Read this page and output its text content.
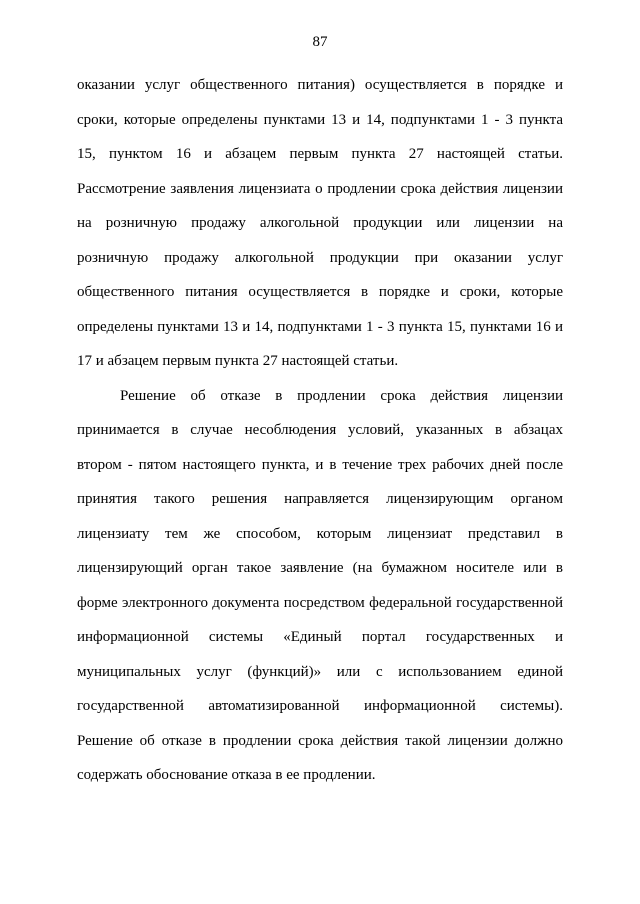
87
оказании услуг общественного питания) осуществляется в порядке и
сроки, которые определены пунктами 13 и 14, подпунктами 1 - 3 пункта
15, пунктом 16 и абзацем первым пункта 27 настоящей статьи.
Рассмотрение заявления лицензиата о продлении срока действия лицензии
на розничную продажу алкогольной продукции или лицензии на
розничную продажу алкогольной продукции при оказании услуг
общественного питания осуществляется в порядке и сроки, которые
определены пунктами 13 и 14, подпунктами 1 - 3 пункта 15, пунктами 16 и
17 и абзацем первым пункта 27 настоящей статьи.
Решение об отказе в продлении срока действия лицензии
принимается в случае несоблюдения условий, указанных в абзацах
втором - пятом настоящего пункта, и в течение трех рабочих дней после
принятия такого решения направляется лицензирующим органом
лицензиату тем же способом, которым лицензиат представил в
лицензирующий орган такое заявление (на бумажном носителе или в
форме электронного документа посредством федеральной государственной
информационной системы «Единый портал государственных и
муниципальных услуг (функций)» или с использованием единой
государственной автоматизированной информационной системы).
Решение об отказе в продлении срока действия такой лицензии должно
содержать обоснование отказа в ее продлении.
